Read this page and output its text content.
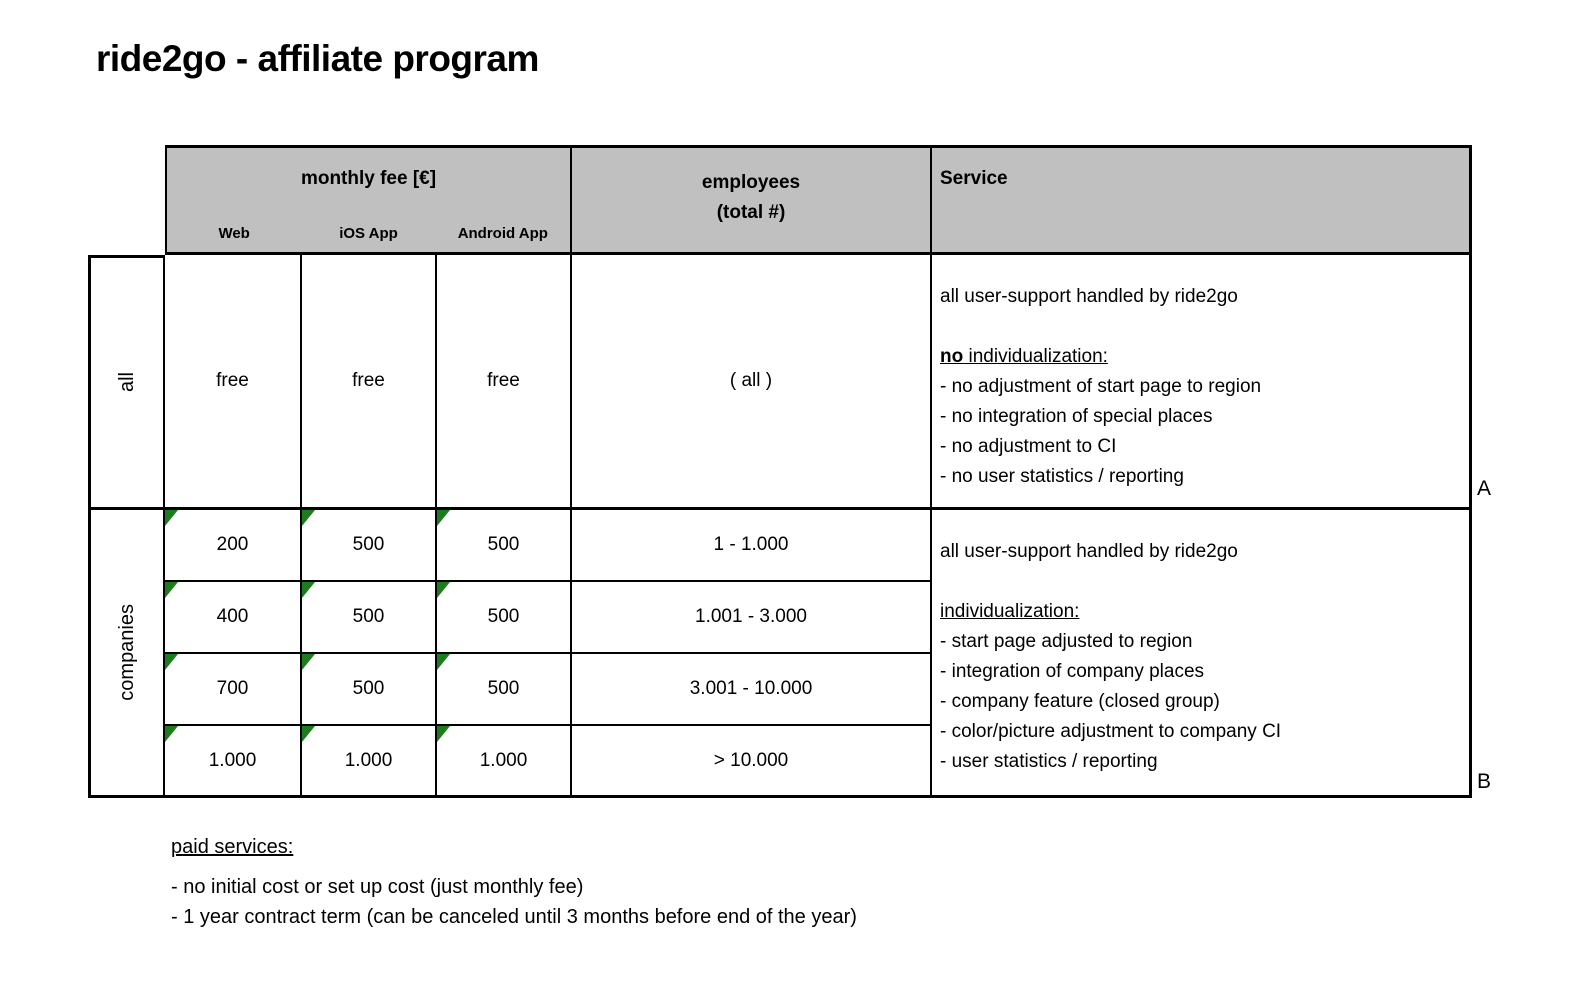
ride2go - affiliate program
monthly fee [€]
Web	iOS App	Android App
employees
(total #)
Service
all	free	free	free	( all )
all user-support handled by ride2go
no individualization:
- no adjustment of start page to region
- no integration of special places
- no adjustment to CI
- no user statistics / reporting
companies
200	500	500	1 - 1.000
400	500	500	1.001 - 3.000
700	500	500	3.001 - 10.000
1.000	1.000	1.000	> 10.000
all user-support handled by ride2go
individualization:
- start page adjusted to region
- integration of company places
- company feature (closed group)
- color/picture adjustment to company CI
- user statistics / reporting
A
B
paid services:
- no initial cost or set up cost (just monthly fee)
- 1 year contract term (can be canceled until 3 months before end of the year)
